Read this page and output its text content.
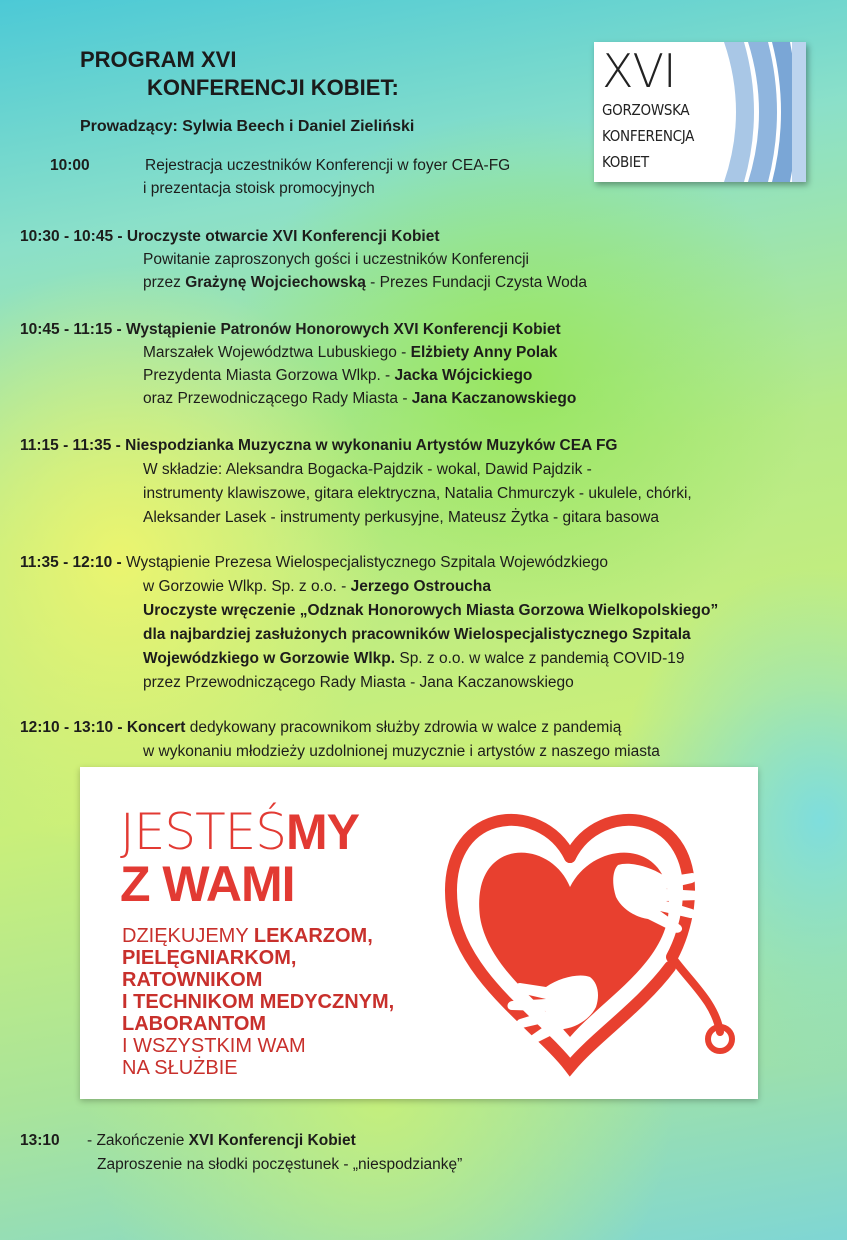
PROGRAM XVI
KONFERENCJI KOBIET:
Prowadzący: Sylwia Beech i Daniel Zieliński
XVI
GORZOWSKA
KONFERENCJA
KOBIET
10:00	Rejestracja uczestników Konferencji w foyer CEA-FG
i prezentacja stoisk promocyjnych
10:30 - 10:45 - Uroczyste otwarcie XVI Konferencji Kobiet
Powitanie zaproszonych gości i uczestników Konferencji
przez Grażynę Wojciechowską - Prezes Fundacji Czysta Woda
10:45 - 11:15 - Wystąpienie Patronów Honorowych XVI Konferencji Kobiet
Marszałek Województwa Lubuskiego - Elżbiety Anny Polak
Prezydenta Miasta Gorzowa Wlkp. - Jacka Wójcickiego
oraz Przewodniczącego Rady Miasta - Jana Kaczanowskiego
11:15 - 11:35 - Niespodzianka Muzyczna w wykonaniu Artystów Muzyków CEA FG
W składzie: Aleksandra Bogacka-Pajdzik - wokal, Dawid Pajdzik -
instrumenty klawiszowe, gitara elektryczna, Natalia Chmurczyk - ukulele, chórki,
Aleksander Lasek - instrumenty perkusyjne, Mateusz Żytka - gitara basowa
11:35 - 12:10 - Wystąpienie Prezesa Wielospecjalistycznego Szpitala Wojewódzkiego
w Gorzowie Wlkp. Sp. z o.o. - Jerzego Ostroucha
Uroczyste wręczenie „Odznak Honorowych Miasta Gorzowa Wielkopolskiego”
dla najbardziej zasłużonych pracowników Wielospecjalistycznego Szpitala
Wojewódzkiego w Gorzowie Wlkp. Sp. z o.o. w walce z pandemią COVID-19
przez Przewodniczącego Rady Miasta - Jana Kaczanowskiego
12:10 - 13:10 - Koncert dedykowany pracownikom służby zdrowia w walce z pandemią
w wykonaniu młodzieży uzdolnionej muzycznie i artystów z naszego miasta
13:10 - Zakończenie XVI Konferencji Kobiet
Zaproszenie na słodki poczęstunek - „niespodziankę”
JESTEŚMY
Z WAMI
DZIĘKUJEMY LEKARZOM,
PIELĘGNIARKOM,
RATOWNIKOM
I TECHNIKOM MEDYCZNYM,
LABORANTOM
I WSZYSTKIM WAM
NA SŁUŻBIE
